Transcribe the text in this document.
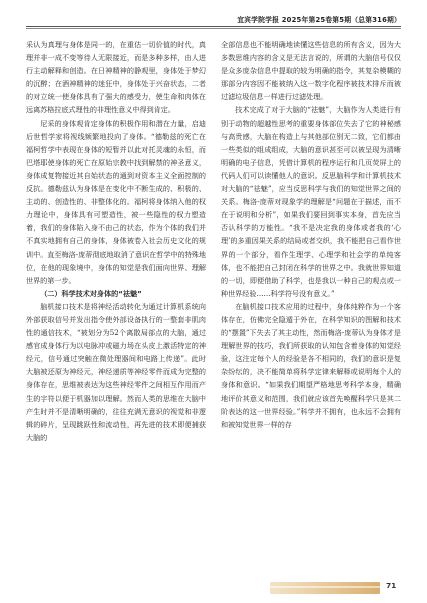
宜宾学院学报 2025年第25卷第5期（总第316期）

采认为真理与身体是同一的，在重估一切价值的时代，真理并非一成不变等待人无限接近，而是多种多样，由人进行主动解释和创造。在日神精神的静观里，身体处于梦幻的沉醉；在酒神精神的迷狂中，身体处于兴奋状态，二者的对立统一使身体具有了强大的感受力，使生命和肉体在远离苏格拉底式理性的非理性意义中得到肯定。

尼采的身体观肯定身体的积极作用和潜在力量，启迪后世哲学家将视线频繁地投向了身体。“德勒兹的死亡在福柯哲学中表现在身体的短暂并以此对托灵魂的永恒，而巴塔耶使身体的死亡在原始宗教中找到解禁的神圣意义，身体成复物接近其自始状态的通到对资本主义全面控制的反抗。德勒兹认为身体是在变化中不断生成的、积极的、主动的、创造性的、非整体化的。福柯将身体纳入他的权力理论中，身体具有可塑造性，被一些隐性的权力塑造着，我们的身体陷入身不由己的状态，作为个体的我们并不真实地拥有自己的身体，身体被卷入社会历史文化的规训中。直至梅洛-庞蒂彻底地取消了意识在哲学中的特殊地位，在他的现象境中，身体的知觉是我们面向世界、理解世界的第一步。

（二）科学技术对身体的“祛魅”

脑机接口技术是将神经活动转化为通过计算机系统向外部获取信号并发出指令使外部设备执行的一整套非肌肉性的通信技术，“被划分为52个离散局部点的大脑，通过感官成身体行为以电脉冲或磁力场在头皮上激活特定的神经元，信号通过突触在微处理器间和电路上传递”。此时大脑被还原为神经元，神经递质等神经零件而成为完整的身体存在，思维被表达为这些神经零件之间相互作用而产生的字符以便于机器加以理解。然而人类的思维在大脑中产生时并不是清晰明确的，往往充满无意识的视觉和非逻辑的碎片，呈现跳跃性和流动性，再先进的技术即便捕获大脑的

全部信息也不能明确地读懂这些信息的所有含义，因为大多数思维内容的含义是无法言说的，所谓的大脑信号仅仅是众多庞杂信息中提取的较为明确的指令，其复杂模糊的那部分内容因不能被纳入这一数字化程序被技术排斥而被过滤垃圾信息一样进行过滤处理。

技术完成了对于大脑的“祛魅”，大脑作为人类进行有别于动物的超越性思考的重要身体部位失去了它的神秘感与高贵感，大脑在构造上与其他部位别无二致，它们都由一些类似的组成组成，大脑的意识甚至可以被呈现为清晰明确的电子信息，凭借计算机的程序运行和几页荧屏上的代码人们可以读懂他人的意识。反思脑科学和计算机技术对大脑的“祛魅”，应当反思科学与我们的知觉世界之间的关系。梅洛-庞蒂对现象学的理解是“问题在于描述，而不在于说明和分析”，如果我们要回到事实本身，首先应当否认科学的万能性。“我不是决定我的身体或者我的‘心理’的多重因果关系的结局或者交织，我不能把自己看作世界的一个部分，看作生理学、心理学和社会学的单纯客体，也不能把自己封闭在科学的世界之中。我就世界知道的一切，即便借助了科学，也是我以一种自己的观点或一种世界经验……科学符号没有意义。”

在脑机接口技术应用的过程中，身体纯粹作为一个客体存在，仿佛完全隐遁于外在，在科学知识的图解和技术的“摆置”下失去了其主动性，然而梅洛-庞蒂认为身体才是理解世界的技巧，我们所获取的认知包含着身体的知觉经验，这注定每个人的经验是各不相同的，我们的意识是复杂纷纭的，决不能简单将科学定律来解释或说明每个人的身体和意识。“如果我们期望严格地思考科学本身，精确地评价其意义和范围，我们就应该首先唤醒科学只是其二阶表达的这一世界经验。”科学并不拥有，也永远不会拥有和被知觉世界一样的存

71
